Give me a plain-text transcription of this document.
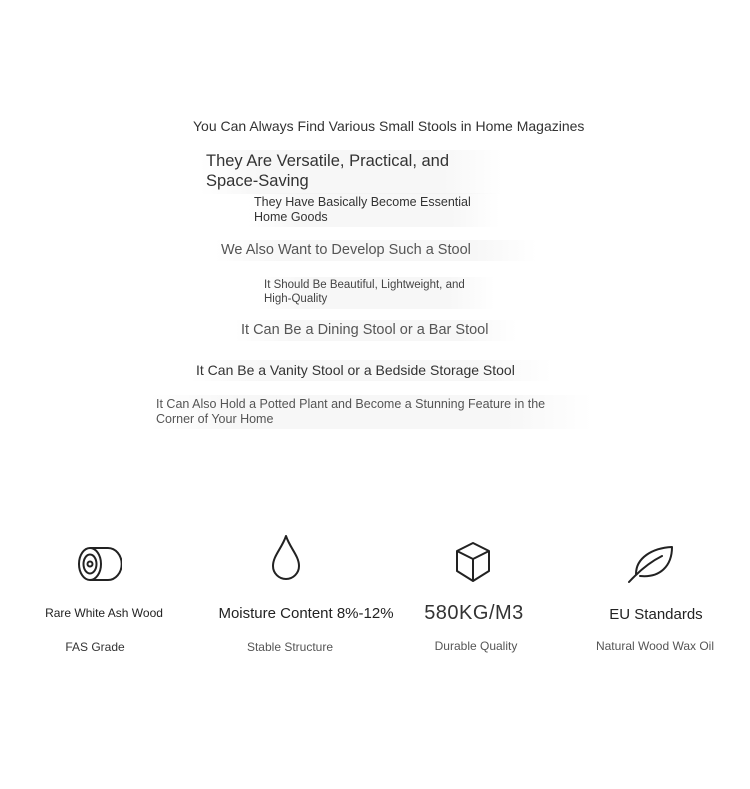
You Can Always Find Various Small Stools in Home Magazines
They Are Versatile, Practical, and Space-Saving
They Have Basically Become Essential Home Goods
We Also Want to Develop Such a Stool
It Should Be Beautiful, Lightweight, and High-Quality
It Can Be a Dining Stool or a Bar Stool
It Can Be a Vanity Stool or a Bedside Storage Stool
It Can Also Hold a Potted Plant and Become a Stunning Feature in the Corner of Your Home
Rare White Ash Wood	Moisture Content 8%-12%	580KG/M3	EU Standards
FAS Grade	Stable Structure	Durable Quality	Natural Wood Wax Oil
